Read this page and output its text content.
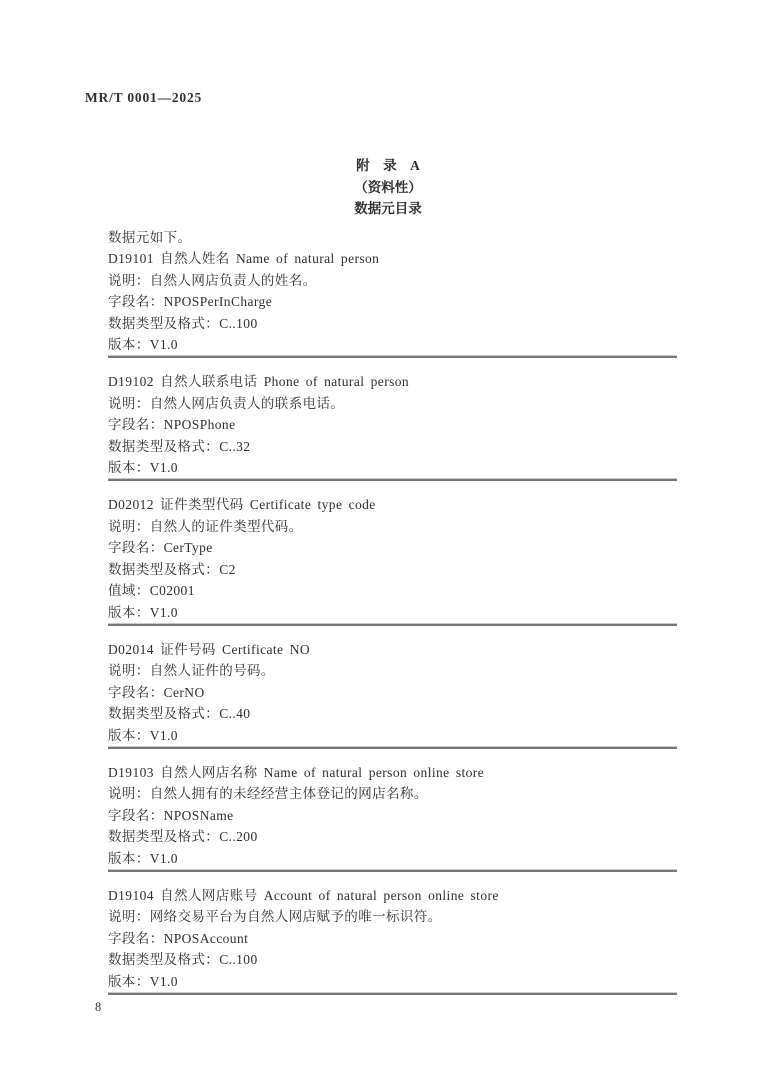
MR/T 0001—2025
附　录　A
（资料性）
数据元目录
数据元如下。
D19101 自然人姓名 Name of natural person
说明：自然人网店负责人的姓名。
字段名：NPOSPerInCharge
数据类型及格式：C..100
版本：V1.0
D19102 自然人联系电话 Phone of natural person
说明：自然人网店负责人的联系电话。
字段名：NPOSPhone
数据类型及格式：C..32
版本：V1.0
D02012 证件类型代码 Certificate type code
说明：自然人的证件类型代码。
字段名：CerType
数据类型及格式：C2
值域：C02001
版本：V1.0
D02014 证件号码 Certificate NO
说明：自然人证件的号码。
字段名：CerNO
数据类型及格式：C..40
版本：V1.0
D19103 自然人网店名称 Name of natural person online store
说明：自然人拥有的未经经营主体登记的网店名称。
字段名：NPOSName
数据类型及格式：C..200
版本：V1.0
D19104 自然人网店账号 Account of natural person online store
说明：网络交易平台为自然人网店赋予的唯一标识符。
字段名：NPOSAccount
数据类型及格式：C..100
版本：V1.0
8
